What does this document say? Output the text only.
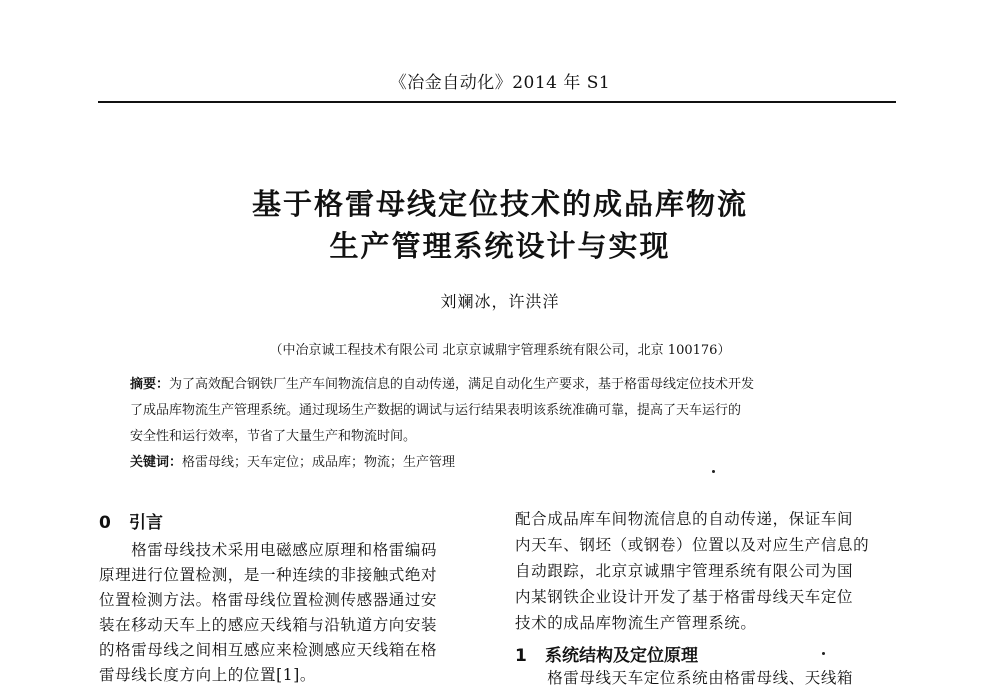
《冶金自动化》2014 年 S1
基于格雷母线定位技术的成品库物流
生产管理系统设计与实现
刘斓冰，许洪洋
（中冶京诚工程技术有限公司 北京京诚鼎宇管理系统有限公司，北京 100176）
摘要：为了高效配合钢铁厂生产车间物流信息的自动传递，满足自动化生产要求，基于格雷母线定位技术开发
了成品库物流生产管理系统。通过现场生产数据的调试与运行结果表明该系统准确可靠，提高了天车运行的
安全性和运行效率，节省了大量生产和物流时间。
关键词：格雷母线；天车定位；成品库；物流；生产管理
0 引言
　　格雷母线技术采用电磁感应原理和格雷编码
原理进行位置检测，是一种连续的非接触式绝对
位置检测方法。格雷母线位置检测传感器通过安
装在移动天车上的感应天线箱与沿轨道方向安装
的格雷母线之间相互感应来检测感应天线箱在格
雷母线长度方向上的位置[1]。
配合成品库车间物流信息的自动传递，保证车间
内天车、钢坯（或钢卷）位置以及对应生产信息的
自动跟踪，北京京诚鼎宇管理系统有限公司为国
内某钢铁企业设计开发了基于格雷母线天车定位
技术的成品库物流生产管理系统。
1 系统结构及定位原理
　　格雷母线天车定位系统由格雷母线、天线箱
